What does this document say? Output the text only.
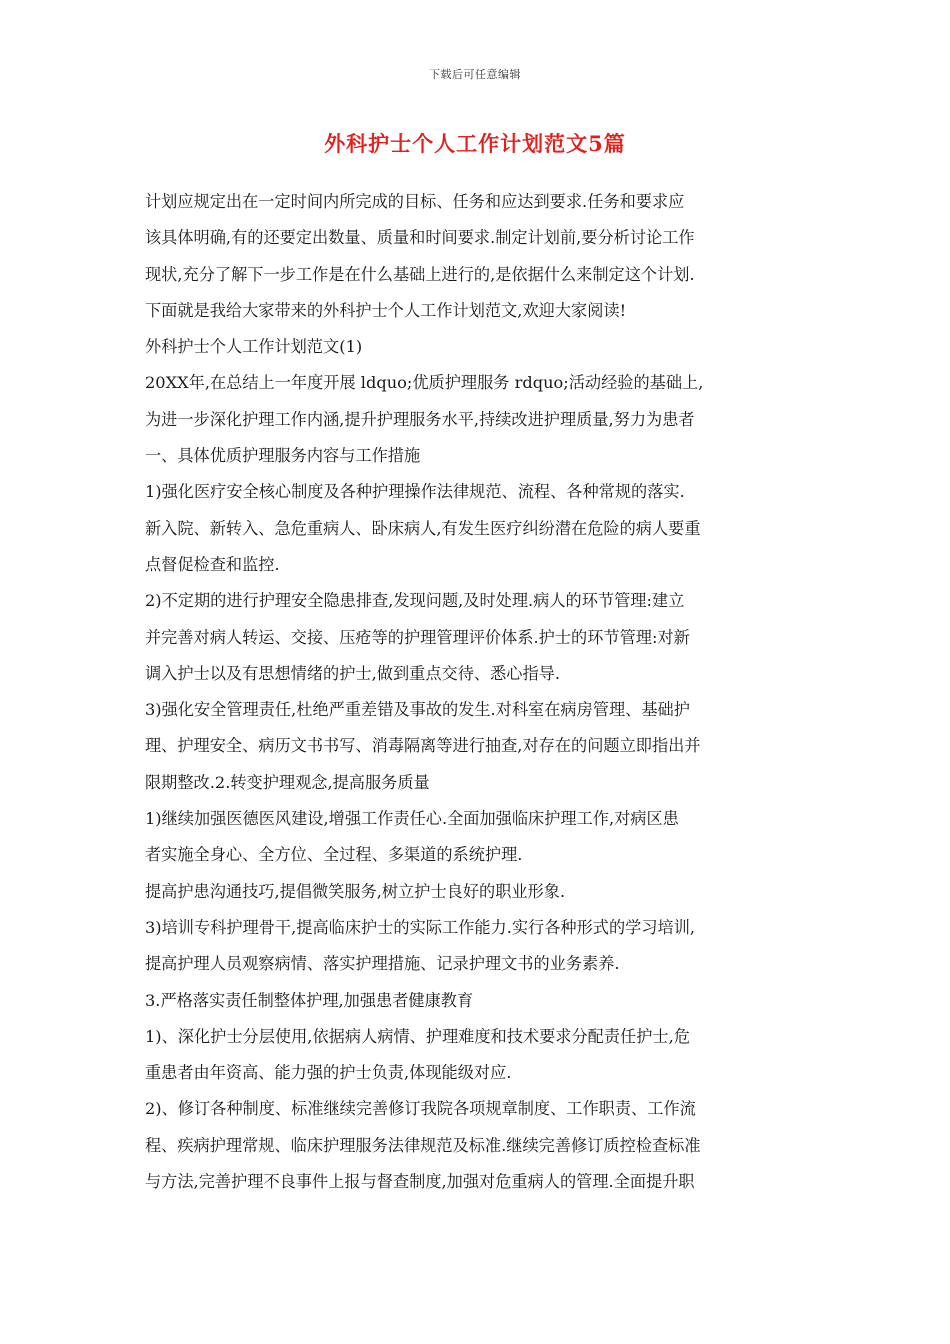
下载后可任意编辑
外科护士个人工作计划范文5篇
计划应规定出在一定时间内所完成的目标、任务和应达到要求.任务和要求应
该具体明确,有的还要定出数量、质量和时间要求.制定计划前,要分析讨论工作
现状,充分了解下一步工作是在什么基础上进行的,是依据什么来制定这个计划.
下面就是我给大家带来的外科护士个人工作计划范文,欢迎大家阅读!
外科护士个人工作计划范文(1)
20XX年,在总结上一年度开展 ldquo;优质护理服务 rdquo;活动经验的基础上,
为进一步深化护理工作内涵,提升护理服务水平,持续改进护理质量,努力为患者
一、具体优质护理服务内容与工作措施
1)强化医疗安全核心制度及各种护理操作法律规范、流程、各种常规的落实.
新入院、新转入、急危重病人、卧床病人,有发生医疗纠纷潜在危险的病人要重
点督促检查和监控.
2)不定期的进行护理安全隐患排查,发现问题,及时处理.病人的环节管理:建立
并完善对病人转运、交接、压疮等的护理管理评价体系.护士的环节管理:对新
调入护士以及有思想情绪的护士,做到重点交待、悉心指导.
3)强化安全管理责任,杜绝严重差错及事故的发生.对科室在病房管理、基础护
理、护理安全、病历文书书写、消毒隔离等进行抽查,对存在的问题立即指出并
限期整改.2.转变护理观念,提高服务质量
1)继续加强医德医风建设,增强工作责任心.全面加强临床护理工作,对病区患
者实施全身心、全方位、全过程、多渠道的系统护理.
提高护患沟通技巧,提倡微笑服务,树立护士良好的职业形象.
3)培训专科护理骨干,提高临床护士的实际工作能力.实行各种形式的学习培训,
提高护理人员观察病情、落实护理措施、记录护理文书的业务素养.
3.严格落实责任制整体护理,加强患者健康教育
1)、深化护士分层使用,依据病人病情、护理难度和技术要求分配责任护士,危
重患者由年资高、能力强的护士负责,体现能级对应.
2)、修订各种制度、标准继续完善修订我院各项规章制度、工作职责、工作流
程、疾病护理常规、临床护理服务法律规范及标准.继续完善修订质控检查标准
与方法,完善护理不良事件上报与督查制度,加强对危重病人的管理.全面提升职
